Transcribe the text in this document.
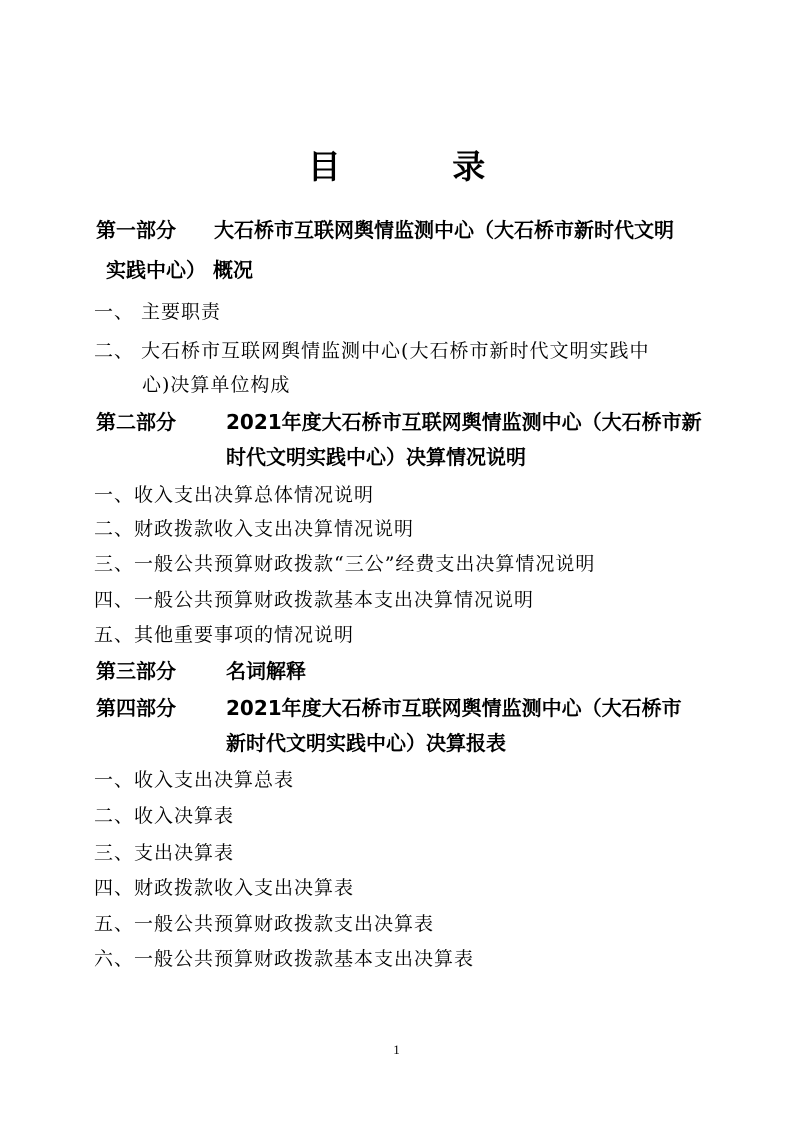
目 录
第一部分 大石桥市互联网舆情监测中心（大石桥市新时代文明
实践中心） 概况
一、 主要职责
二、 大石桥市互联网舆情监测中心(大石桥市新时代文明实践中
心)决算单位构成
第二部分	2021年度大石桥市互联网舆情监测中心（大石桥市新
时代文明实践中心）决算情况说明
一、收入支出决算总体情况说明
二、财政拨款收入支出决算情况说明
三、一般公共预算财政拨款“三公”经费支出决算情况说明
四、一般公共预算财政拨款基本支出决算情况说明
五、其他重要事项的情况说明
第三部分	名词解释
第四部分	2021年度大石桥市互联网舆情监测中心（大石桥市
新时代文明实践中心）决算报表
一、收入支出决算总表
二、收入决算表
三、支出决算表
四、财政拨款收入支出决算表
五、一般公共预算财政拨款支出决算表
六、一般公共预算财政拨款基本支出决算表
1
